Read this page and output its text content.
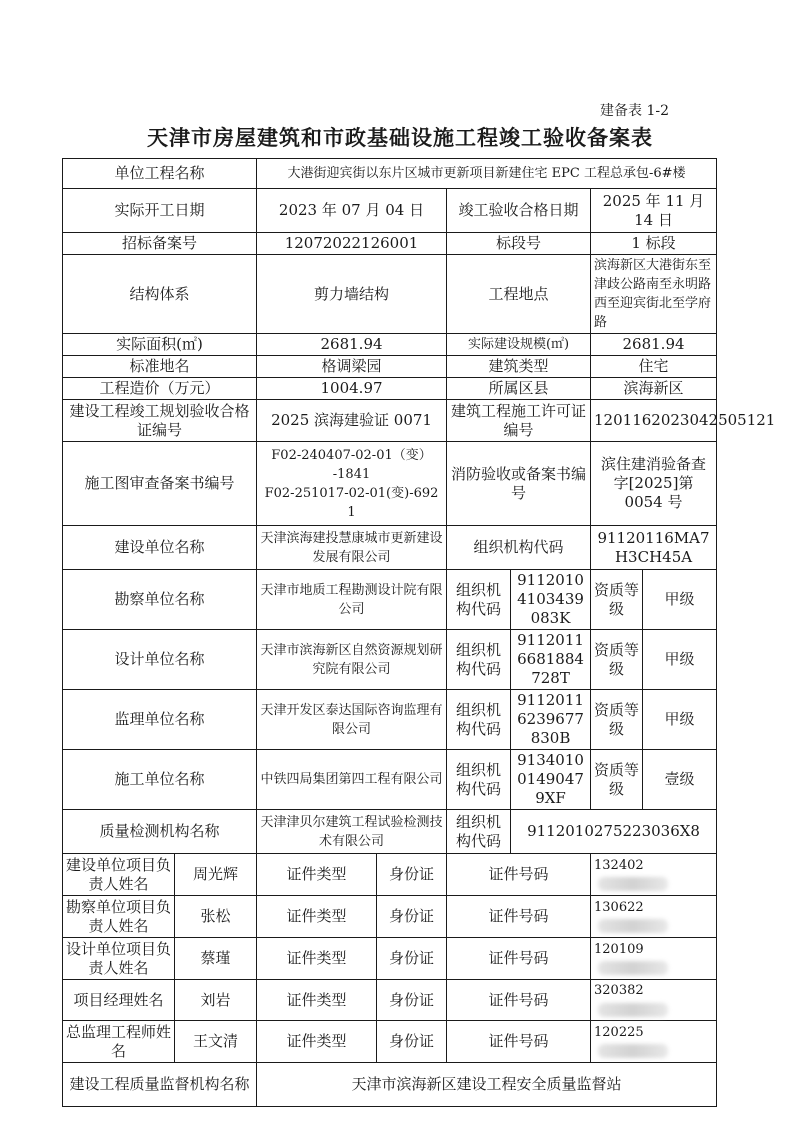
建备表 1-2
天津市房屋建筑和市政基础设施工程竣工验收备案表
单位工程名称		大港街迎宾街以东片区城市更新项目新建住宅 EPC 工程总承包-6#楼					
实际开工日期		2023 年 07 月 04 日		竣工验收合格日期		2025 年 11 月 14 日	
招标备案号		12072022126001		标段号		1 标段	
结构体系		剪力墙结构		工程地点		滨海新区大港街东至津歧公路南至永明路西至迎宾街北至学府路	
实际面积(㎡)		2681.94		实际建设规模(㎡)		2681.94	
标准地名		格调梁园		建筑类型		住宅	
工程造价（万元）		1004.97		所属区县		滨海新区	
建设工程竣工规划验收合格证编号		2025 滨海建验证 0071		建筑工程施工许可证编号		1201162023042505121	
施工图审查备案书编号		F02-240407-02-01（变）
-1841
F02-251017-02-01(变)-692
1		消防验收或备案书编号		滨住建消验备查字[2025]第 0054 号	
建设单位名称		天津滨海建投慧康城市更新建设发展有限公司		组织机构代码		91120116MA7H3CH45A	
勘察单位名称		天津市地质工程勘测设计院有限公司		组织机构代码	91120104103439083K	资质等级	甲级
设计单位名称		天津市滨海新区自然资源规划研究院有限公司		组织机构代码	91120116681884728T	资质等级	甲级
监理单位名称		天津开发区泰达国际咨询监理有限公司		组织机构代码	91120116239677830B	资质等级	甲级
施工单位名称		中铁四局集团第四工程有限公司		组织机构代码	913401001490479XF	资质等级	壹级
质量检测机构名称		天津津贝尔建筑工程试验检测技术有限公司		组织机构代码	9112010275223036X8		
建设单位项目负责人姓名	周光辉	证件类型	身份证	证件号码		132402	
勘察单位项目负责人姓名	张松	证件类型	身份证	证件号码		130622	
设计单位项目负责人姓名	蔡瑾	证件类型	身份证	证件号码		120109	
项目经理姓名	刘岩	证件类型	身份证	证件号码		320382	
总监理工程师姓名	王文清	证件类型	身份证	证件号码		120225	
建设工程质量监督机构名称		天津市滨海新区建设工程安全质量监督站					
